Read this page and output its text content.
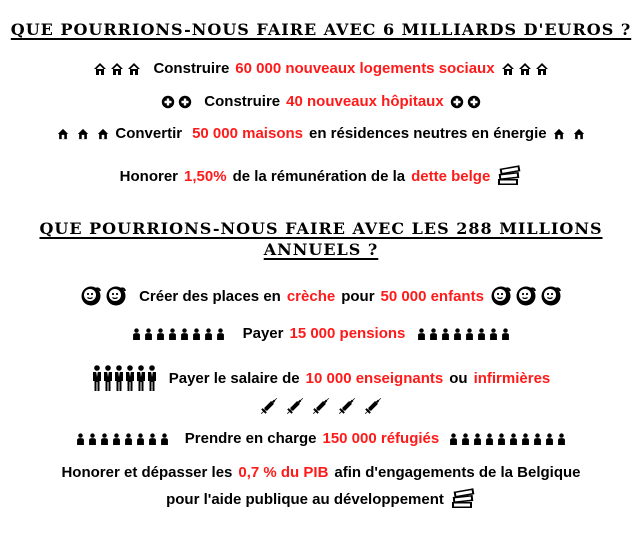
QUE POURRIONS-NOUS FAIRE AVEC 6 MILLIARDS D'EUROS ?
Construire 60 000 nouveaux logements sociaux
Construire 40 nouveaux hôpitaux
Convertir 50 000 maisons en résidences neutres en énergie
Honorer 1,50% de la rémunération de la dette belge
QUE POURRIONS-NOUS FAIRE AVEC LES 288 MILLIONS
ANNUELS ?
Créer des places en crèche pour 50 000 enfants
Payer 15 000 pensions
Payer le salaire de 10 000 enseignants ou infirmières
Prendre en charge 150 000 réfugiés
Honorer et dépasser les 0,7 % du PIB afin d'engagements de la Belgique
pour l'aide publique au développement
